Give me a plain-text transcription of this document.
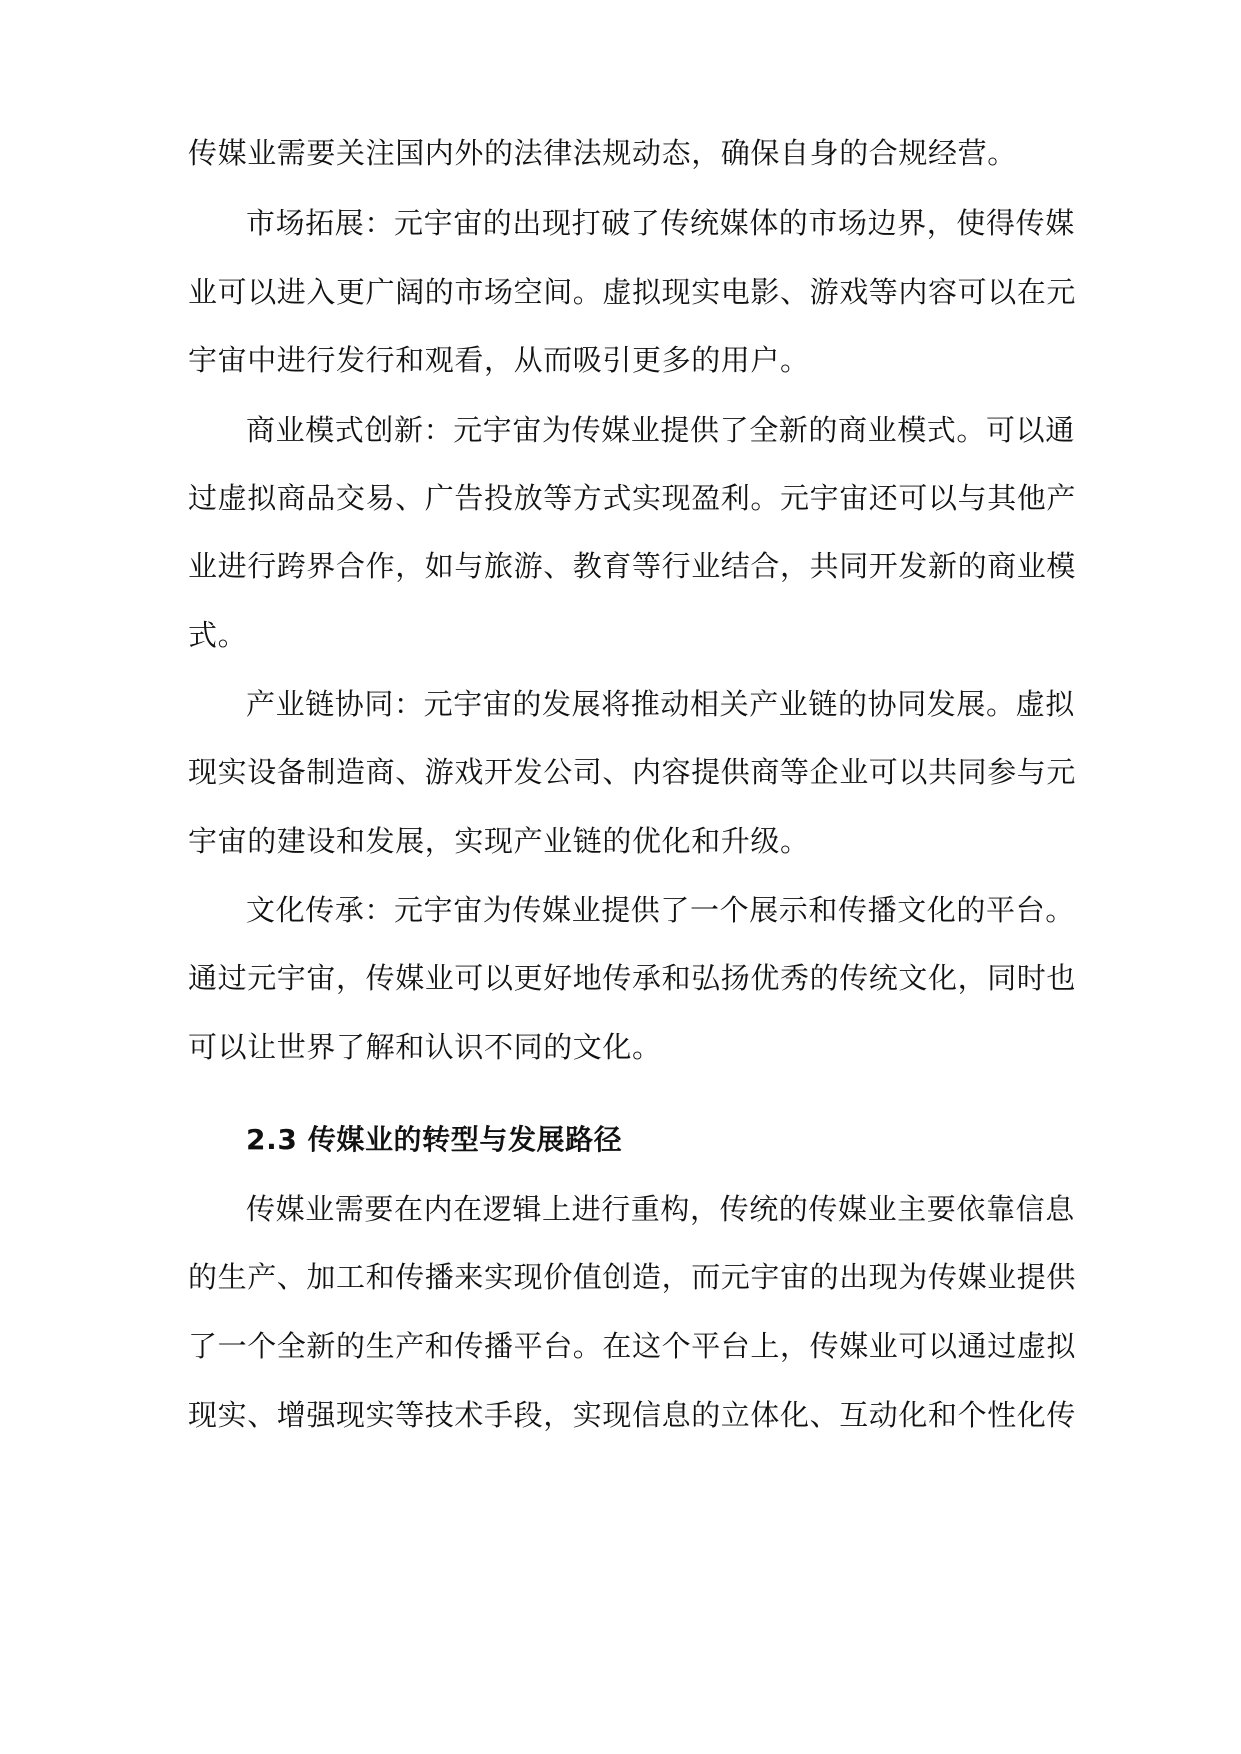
传媒业需要关注国内外的法律法规动态，确保自身的合规经营。

市场拓展：元宇宙的出现打破了传统媒体的市场边界，使得传媒

业可以进入更广阔的市场空间。虚拟现实电影、游戏等内容可以在元

宇宙中进行发行和观看，从而吸引更多的用户。

商业模式创新：元宇宙为传媒业提供了全新的商业模式。可以通

过虚拟商品交易、广告投放等方式实现盈利。元宇宙还可以与其他产

业进行跨界合作，如与旅游、教育等行业结合，共同开发新的商业模

式。

产业链协同：元宇宙的发展将推动相关产业链的协同发展。虚拟

现实设备制造商、游戏开发公司、内容提供商等企业可以共同参与元

宇宙的建设和发展，实现产业链的优化和升级。

文化传承：元宇宙为传媒业提供了一个展示和传播文化的平台。

通过元宇宙，传媒业可以更好地传承和弘扬优秀的传统文化，同时也

可以让世界了解和认识不同的文化。

2.3 传媒业的转型与发展路径

传媒业需要在内在逻辑上进行重构，传统的传媒业主要依靠信息

的生产、加工和传播来实现价值创造，而元宇宙的出现为传媒业提供

了一个全新的生产和传播平台。在这个平台上，传媒业可以通过虚拟

现实、增强现实等技术手段，实现信息的立体化、互动化和个性化传
